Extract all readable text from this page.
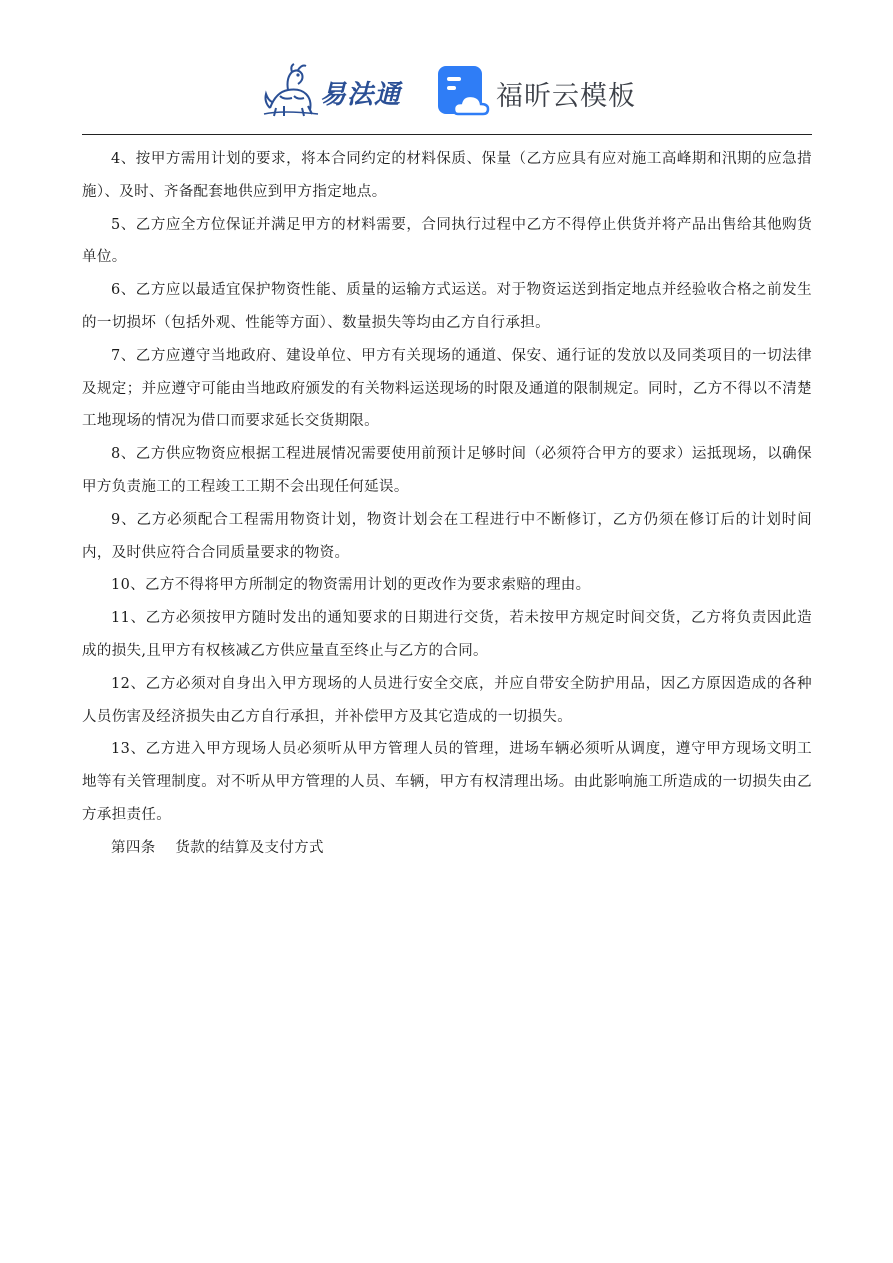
易法通	福昕云模板

4、按甲方需用计划的要求，将本合同约定的材料保质、保量（乙方应具有应对施工高峰期和汛期的应急措施）、及时、齐备配套地供应到甲方指定地点。

5、乙方应全方位保证并满足甲方的材料需要，合同执行过程中乙方不得停止供货并将产品出售给其他购货单位。

6、乙方应以最适宜保护物资性能、质量的运输方式运送。对于物资运送到指定地点并经验收合格之前发生的一切损坏（包括外观、性能等方面）、数量损失等均由乙方自行承担。

7、乙方应遵守当地政府、建设单位、甲方有关现场的通道、保安、通行证的发放以及同类项目的一切法律及规定；并应遵守可能由当地政府颁发的有关物料运送现场的时限及通道的限制规定。同时，乙方不得以不清楚工地现场的情况为借口而要求延长交货期限。

8、乙方供应物资应根据工程进展情况需要使用前预计足够时间（必须符合甲方的要求）运抵现场，以确保甲方负责施工的工程竣工工期不会出现任何延误。

9、乙方必须配合工程需用物资计划，物资计划会在工程进行中不断修订，乙方仍须在修订后的计划时间内，及时供应符合合同质量要求的物资。

10、乙方不得将甲方所制定的物资需用计划的更改作为要求索赔的理由。

11、乙方必须按甲方随时发出的通知要求的日期进行交货，若未按甲方规定时间交货，乙方将负责因此造成的损失,且甲方有权核减乙方供应量直至终止与乙方的合同。

12、乙方必须对自身出入甲方现场的人员进行安全交底，并应自带安全防护用品，因乙方原因造成的各种人员伤害及经济损失由乙方自行承担，并补偿甲方及其它造成的一切损失。

13、乙方进入甲方现场人员必须听从甲方管理人员的管理，进场车辆必须听从调度，遵守甲方现场文明工地等有关管理制度。对不听从甲方管理的人员、车辆，甲方有权清理出场。由此影响施工所造成的一切损失由乙方承担责任。

第四条    货款的结算及支付方式
